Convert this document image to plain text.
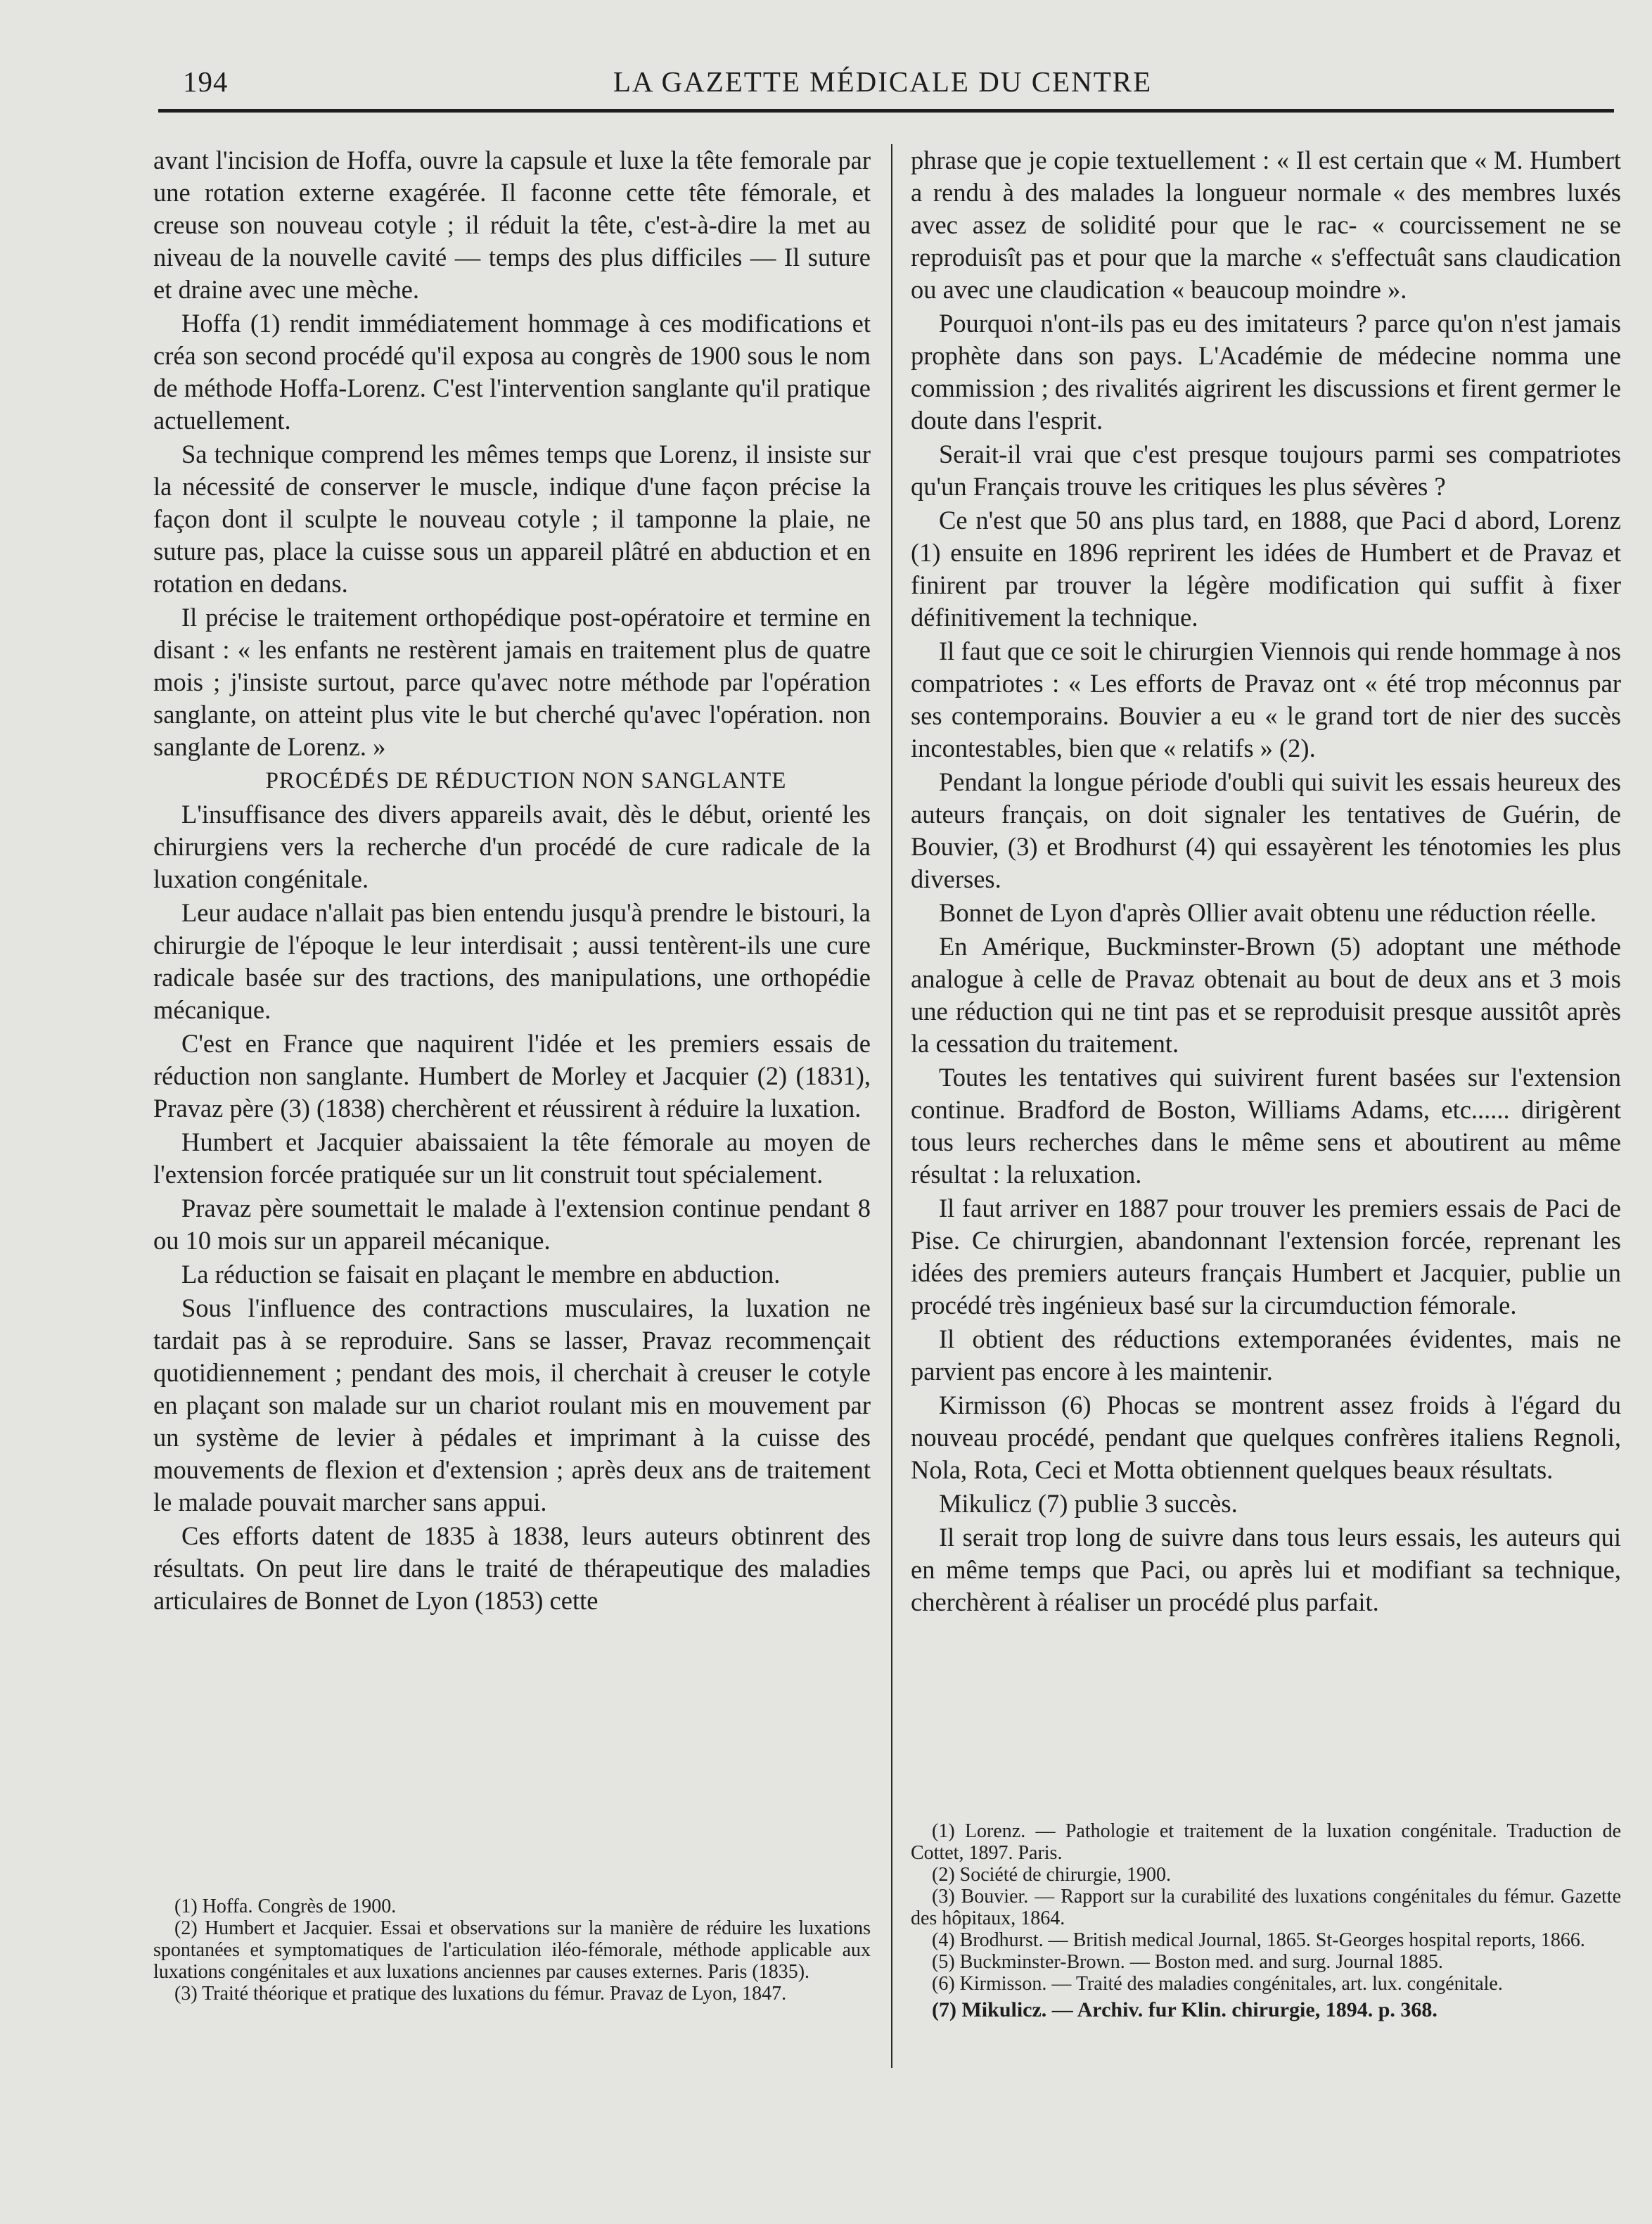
194	LA GAZETTE MÉDICALE DU CENTRE

avant l'incision de Hoffa, ouvre la capsule et luxe la tête femorale par une rotation externe exagérée. Il faconne cette tête fémorale, et creuse son nouveau cotyle ; il réduit la tête, c'est-à-dire la met au niveau de la nouvelle cavité — temps des plus difficiles — Il suture et draine avec une mèche.

Hoffa (1) rendit immédiatement hommage à ces modifications et créa son second procédé qu'il exposa au congrès de 1900 sous le nom de méthode Hoffa-Lorenz. C'est l'intervention sanglante qu'il pratique actuellement.

Sa technique comprend les mêmes temps que Lorenz, il insiste sur la nécessité de conserver le muscle, indique d'une façon précise la façon dont il sculpte le nouveau cotyle ; il tamponne la plaie, ne suture pas, place la cuisse sous un appareil plâtré en abduction et en rotation en dedans.

Il précise le traitement orthopédique post-opératoire et termine en disant : « les enfants ne restèrent jamais en traitement plus de quatre mois ; j'insiste surtout, parce qu'avec notre méthode par l'opération sanglante, on atteint plus vite le but cherché qu'avec l'opération. non sanglante de Lorenz. »

PROCÉDÉS DE RÉDUCTION NON SANGLANTE

L'insuffisance des divers appareils avait, dès le début, orienté les chirurgiens vers la recherche d'un procédé de cure radicale de la luxation congénitale.

Leur audace n'allait pas bien entendu jusqu'à prendre le bistouri, la chirurgie de l'époque le leur interdisait ; aussi tentèrent-ils une cure radicale basée sur des tractions, des manipulations, une orthopédie mécanique.

C'est en France que naquirent l'idée et les premiers essais de réduction non sanglante. Humbert de Morley et Jacquier (2) (1831), Pravaz père (3) (1838) cherchèrent et réussirent à réduire la luxation.

Humbert et Jacquier abaissaient la tête fémorale au moyen de l'extension forcée pratiquée sur un lit construit tout spécialement.

Pravaz père soumettait le malade à l'extension continue pendant 8 ou 10 mois sur un appareil mécanique.

La réduction se faisait en plaçant le membre en abduction.

Sous l'influence des contractions musculaires, la luxation ne tardait pas à se reproduire. Sans se lasser, Pravaz recommençait quotidiennement ; pendant des mois, il cherchait à creuser le cotyle en plaçant son malade sur un chariot roulant mis en mouvement par un système de levier à pédales et imprimant à la cuisse des mouvements de flexion et d'extension ; après deux ans de traitement le malade pouvait marcher sans appui.

Ces efforts datent de 1835 à 1838, leurs auteurs obtinrent des résultats. On peut lire dans le traité de thérapeutique des maladies articulaires de Bonnet de Lyon (1853) cette

(1) Hoffa. Congrès de 1900.

(2) Humbert et Jacquier. Essai et observations sur la manière de réduire les luxations spontanées et symptomatiques de l'articulation iléo-fémorale, méthode applicable aux luxations congénitales et aux luxations anciennes par causes externes. Paris (1835).

(3) Traité théorique et pratique des luxations du fémur. Pravaz de Lyon, 1847.

phrase que je copie textuellement : « Il est certain que « M. Humbert a rendu à des malades la longueur normale « des membres luxés avec assez de solidité pour que le rac- « courcissement ne se reproduisît pas et pour que la marche « s'effectuât sans claudication ou avec une claudication « beaucoup moindre ».

Pourquoi n'ont-ils pas eu des imitateurs ? parce qu'on n'est jamais prophète dans son pays. L'Académie de médecine nomma une commission ; des rivalités aigrirent les discussions et firent germer le doute dans l'esprit.

Serait-il vrai que c'est presque toujours parmi ses compatriotes qu'un Français trouve les critiques les plus sévères ?

Ce n'est que 50 ans plus tard, en 1888, que Paci d abord, Lorenz (1) ensuite en 1896 reprirent les idées de Humbert et de Pravaz et finirent par trouver la légère modification qui suffit à fixer définitivement la technique.

Il faut que ce soit le chirurgien Viennois qui rende hommage à nos compatriotes : « Les efforts de Pravaz ont « été trop méconnus par ses contemporains. Bouvier a eu « le grand tort de nier des succès incontestables, bien que « relatifs » (2).

Pendant la longue période d'oubli qui suivit les essais heureux des auteurs français, on doit signaler les tentatives de Guérin, de Bouvier, (3) et Brodhurst (4) qui essayèrent les ténotomies les plus diverses.

Bonnet de Lyon d'après Ollier avait obtenu une réduction réelle.

En Amérique, Buckminster-Brown (5) adoptant une méthode analogue à celle de Pravaz obtenait au bout de deux ans et 3 mois une réduction qui ne tint pas et se reproduisit presque aussitôt après la cessation du traitement.

Toutes les tentatives qui suivirent furent basées sur l'extension continue. Bradford de Boston, Williams Adams, etc...... dirigèrent tous leurs recherches dans le même sens et aboutirent au même résultat : la reluxation.

Il faut arriver en 1887 pour trouver les premiers essais de Paci de Pise. Ce chirurgien, abandonnant l'extension forcée, reprenant les idées des premiers auteurs français Humbert et Jacquier, publie un procédé très ingénieux basé sur la circumduction fémorale.

Il obtient des réductions extemporanées évidentes, mais ne parvient pas encore à les maintenir.

Kirmisson (6) Phocas se montrent assez froids à l'égard du nouveau procédé, pendant que quelques confrères italiens Regnoli, Nola, Rota, Ceci et Motta obtiennent quelques beaux résultats.

Mikulicz (7) publie 3 succès.

Il serait trop long de suivre dans tous leurs essais, les auteurs qui en même temps que Paci, ou après lui et modifiant sa technique, cherchèrent à réaliser un procédé plus parfait.

(1) Lorenz. — Pathologie et traitement de la luxation congénitale. Traduction de Cottet, 1897. Paris.

(2) Société de chirurgie, 1900.

(3) Bouvier. — Rapport sur la curabilité des luxations congénitales du fémur. Gazette des hôpitaux, 1864.

(4) Brodhurst. — British medical Journal, 1865. St-Georges hospital reports, 1866.

(5) Buckminster-Brown. — Boston med. and surg. Journal 1885.

(6) Kirmisson. — Traité des maladies congénitales, art. lux. congénitale.

(7) Mikulicz. — Archiv. fur Klin. chirurgie, 1894. p. 368.
